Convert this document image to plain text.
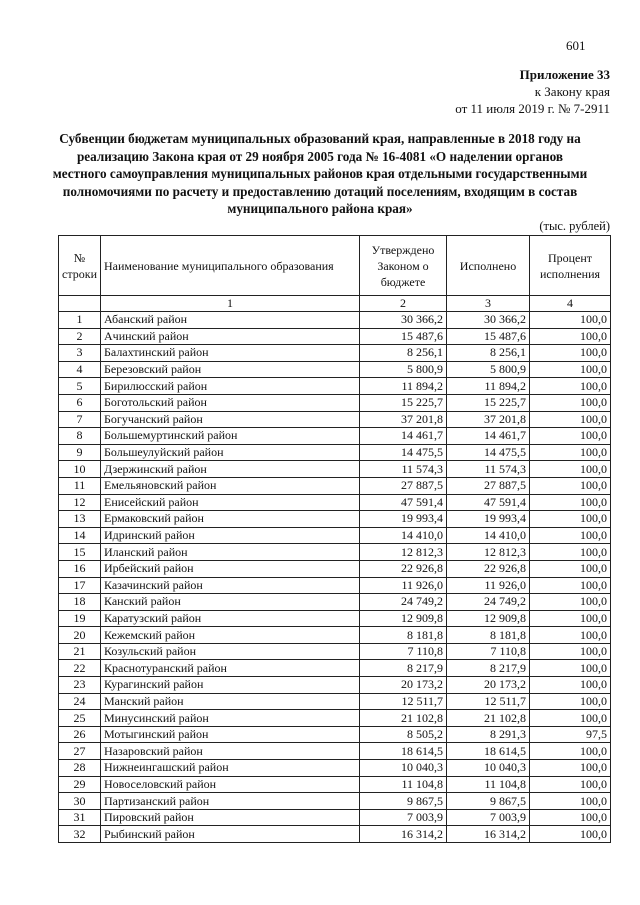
601
Приложение 33
к Закону края
от 11 июля 2019 г. № 7-2911
Субвенции бюджетам муниципальных образований края, направленные в 2018 году на реализацию Закона края от 29 ноября 2005 года № 16-4081 «О наделении органов местного самоуправления муниципальных районов края отдельными государственными полномочиями по расчету и предоставлению дотаций поселениям, входящим в состав муниципального района края»
(тыс. рублей)
№ строки	Наименование муниципального образования	Утверждено Законом о бюджете	Исполнено	Процент исполнения
	1	2	3	4
1	Абанский район	30 366,2	30 366,2	100,0
2	Ачинский район	15 487,6	15 487,6	100,0
3	Балахтинский район	8 256,1	8 256,1	100,0
4	Березовский район	5 800,9	5 800,9	100,0
5	Бирилюсский район	11 894,2	11 894,2	100,0
6	Боготольский район	15 225,7	15 225,7	100,0
7	Богучанский район	37 201,8	37 201,8	100,0
8	Большемуртинский район	14 461,7	14 461,7	100,0
9	Большеулуйский район	14 475,5	14 475,5	100,0
10	Дзержинский район	11 574,3	11 574,3	100,0
11	Емельяновский район	27 887,5	27 887,5	100,0
12	Енисейский район	47 591,4	47 591,4	100,0
13	Ермаковский район	19 993,4	19 993,4	100,0
14	Идринский район	14 410,0	14 410,0	100,0
15	Иланский район	12 812,3	12 812,3	100,0
16	Ирбейский район	22 926,8	22 926,8	100,0
17	Казачинский район	11 926,0	11 926,0	100,0
18	Канский район	24 749,2	24 749,2	100,0
19	Каратузский район	12 909,8	12 909,8	100,0
20	Кежемский район	8 181,8	8 181,8	100,0
21	Козульский район	7 110,8	7 110,8	100,0
22	Краснотуранский район	8 217,9	8 217,9	100,0
23	Курагинский район	20 173,2	20 173,2	100,0
24	Манский район	12 511,7	12 511,7	100,0
25	Минусинский район	21 102,8	21 102,8	100,0
26	Мотыгинский район	8 505,2	8 291,3	97,5
27	Назаровский район	18 614,5	18 614,5	100,0
28	Нижнеингашский район	10 040,3	10 040,3	100,0
29	Новоселовский район	11 104,8	11 104,8	100,0
30	Партизанский район	9 867,5	9 867,5	100,0
31	Пировский район	7 003,9	7 003,9	100,0
32	Рыбинский район	16 314,2	16 314,2	100,0
